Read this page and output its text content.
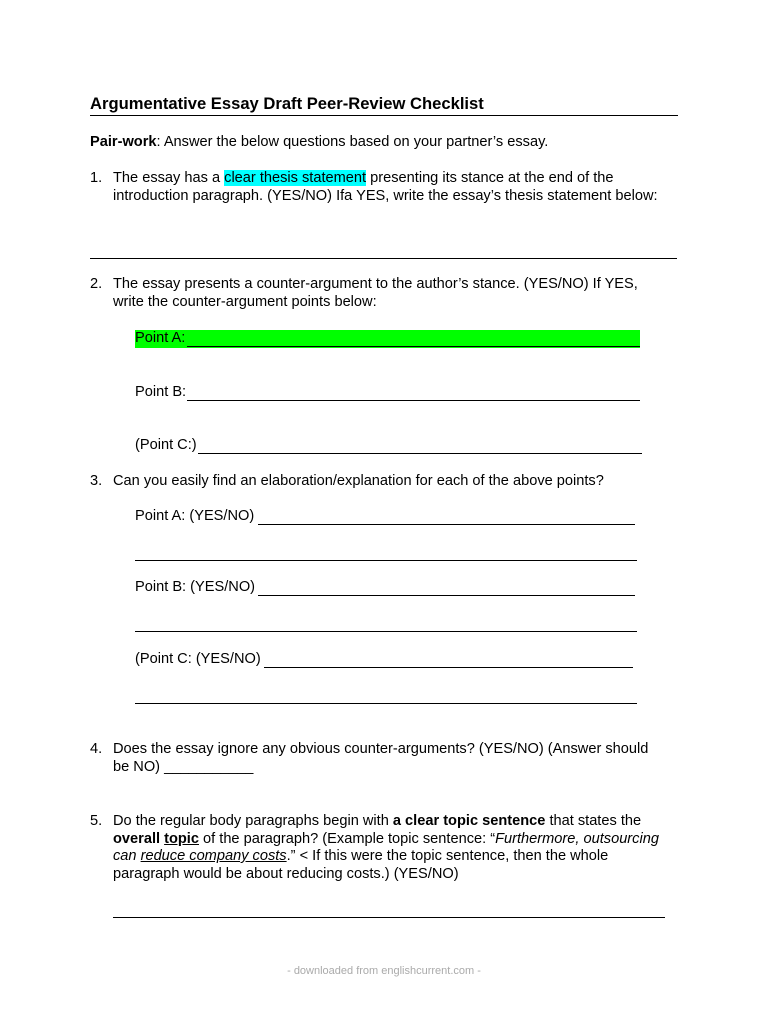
Argumentative Essay Draft Peer-Review Checklist
Pair-work: Answer the below questions based on your partner’s essay.
1. The essay has a clear thesis statement presenting its stance at the end of the
introduction paragraph. (YES/NO) Ifa YES, write the essay’s thesis statement below:
2. The essay presents a counter-argument to the author’s stance. (YES/NO) If YES,
write the counter-argument points below:
Point A:
Point B:
(Point C:)
3. Can you easily find an elaboration/explanation for each of the above points?
Point A: (YES/NO)
Point B: (YES/NO)
(Point C: (YES/NO)
4. Does the essay ignore any obvious counter-arguments? (YES/NO) (Answer should
be NO) ___________
5. Do the regular body paragraphs begin with a clear topic sentence that states the
overall topic of the paragraph? (Example topic sentence: “Furthermore, outsourcing
can reduce company costs.” < If this were the topic sentence, then the whole
paragraph would be about reducing costs.) (YES/NO)
- downloaded from englishcurrent.com -
